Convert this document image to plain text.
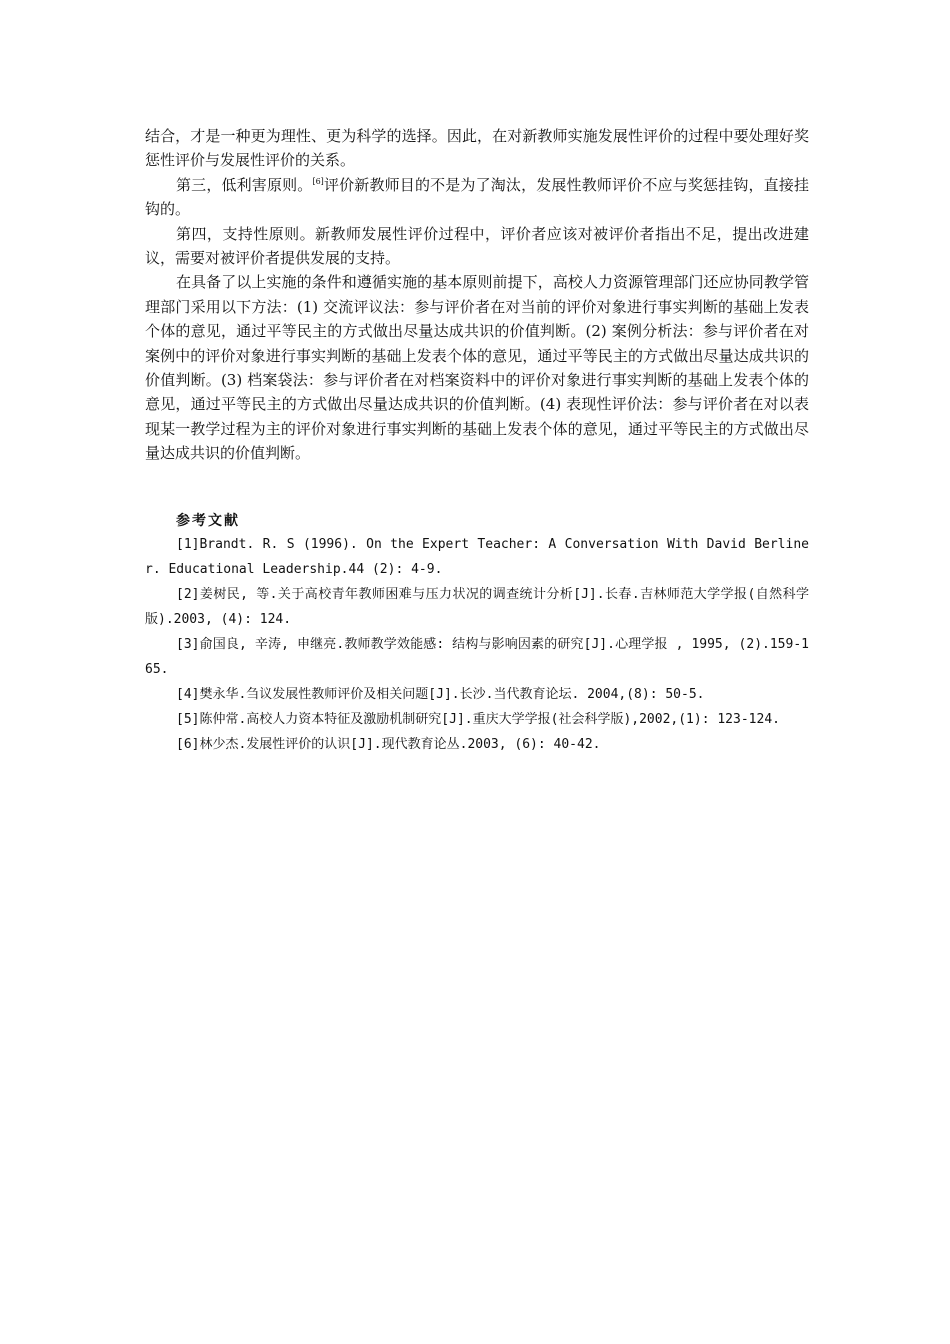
结合，才是一种更为理性、更为科学的选择。因此，在对新教师实施发展性评价的过程中要处理好奖惩性评价与发展性评价的关系。

第三，低利害原则。[6]评价新教师目的不是为了淘汰，发展性教师评价不应与奖惩挂钩，直接挂钩的。

第四，支持性原则。新教师发展性评价过程中，评价者应该对被评价者指出不足，提出改进建议，需要对被评价者提供发展的支持。

在具备了以上实施的条件和遵循实施的基本原则前提下，高校人力资源管理部门还应协同教学管理部门采用以下方法：(1) 交流评议法：参与评价者在对当前的评价对象进行事实判断的基础上发表个体的意见，通过平等民主的方式做出尽量达成共识的价值判断。(2) 案例分析法：参与评价者在对案例中的评价对象进行事实判断的基础上发表个体的意见，通过平等民主的方式做出尽量达成共识的价值判断。(3) 档案袋法：参与评价者在对档案资料中的评价对象进行事实判断的基础上发表个体的意见，通过平等民主的方式做出尽量达成共识的价值判断。(4) 表现性评价法：参与评价者在对以表现某一教学过程为主的评价对象进行事实判断的基础上发表个体的意见，通过平等民主的方式做出尽量达成共识的价值判断。

参考文献

[1]Brandt. R. S (1996). On the Expert Teacher: A Conversation With David Berliner. Educational Leadership.44 (2): 4-9.

[2]姜树民, 等.关于高校青年教师困难与压力状况的调查统计分析[J].长春.吉林师范大学学报(自然科学版).2003, (4): 124.

[3]俞国良, 辛涛, 申继亮.教师教学效能感: 结构与影响因素的研究[J].心理学报 , 1995, (2).159-165.

[4]樊永华.刍议发展性教师评价及相关问题[J].长沙.当代教育论坛. 2004,(8): 50-5.

[5]陈仲常.高校人力资本特征及激励机制研究[J].重庆大学学报(社会科学版),2002,(1): 123-124.

[6]林少杰.发展性评价的认识[J].现代教育论丛.2003, (6): 40-42.
